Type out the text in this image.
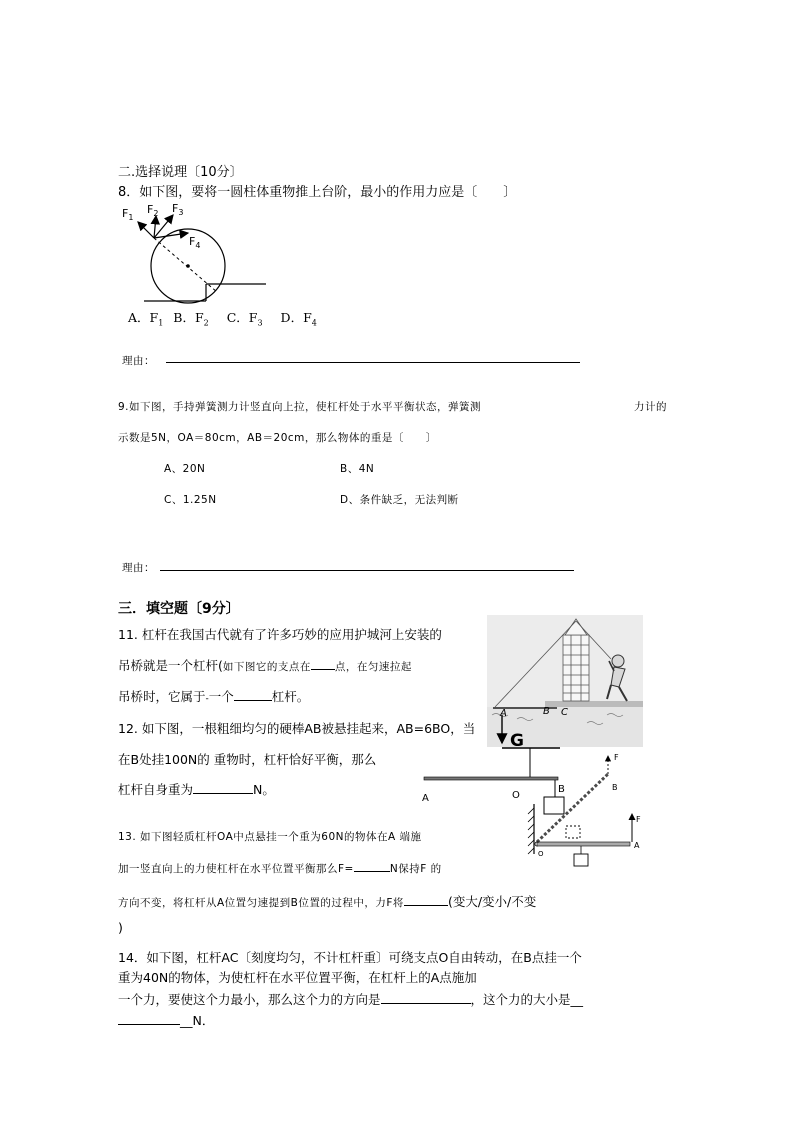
二.选择说理〔10分〕
8．如下图，要将一圆柱体重物推上台阶，最小的作用力应是〔　　〕
$F_1$
$F_2$ $F_3$
$F_4$
A．$F_1$ B．$F_2$ C．$F_3$ D．$F_4$
理由：
9.如下图，手持弹簧测力计竖直向上拉，使杠杆处于水平平衡状态，弹簧测	力计的
示数是5N，OA＝80cm，AB＝20cm，那么物体的重是〔　　〕
A、20N	B、4N
C、1.25N	D、条件缺乏，无法判断
理由：
三．填空题〔9分〕
11. 杠杆在我国古代就有了许多巧妙的应用护城河上安装的
吊桥就是一个杠杆(如下图它的支点在 点，在匀速拉起
吊桥时，它属于-一个	杠杆。
A	B C
G
A	O
B
12. 如下图，一根粗细均匀的硬棒AB被悬挂起来，AB=6BO，当
在B处挂100N的 重物时，杠杆恰好平衡，那么
杠杆自身重为	N。
F
B
F
O
A
13. 如下图轻质杠杆OA中点悬挂一个重为60N的物体在A 端施
加一竖直向上的力使杠杆在水平位置平衡那么F=	N保持F 的
方向不变，将杠杆从A位置匀速提到B位置的过程中，力F将	(变大/变小/不变
)
14．如下图，杠杆AC〔刻度均匀，不计杠杆重〕可绕支点O自由转动，在B点挂一个
重为40N的物体，为使杠杆在水平位置平衡，在杠杆上的A点施加
一个力，要使这个力最小，那么这个力的方向是	，这个力的大小是__
__N．
